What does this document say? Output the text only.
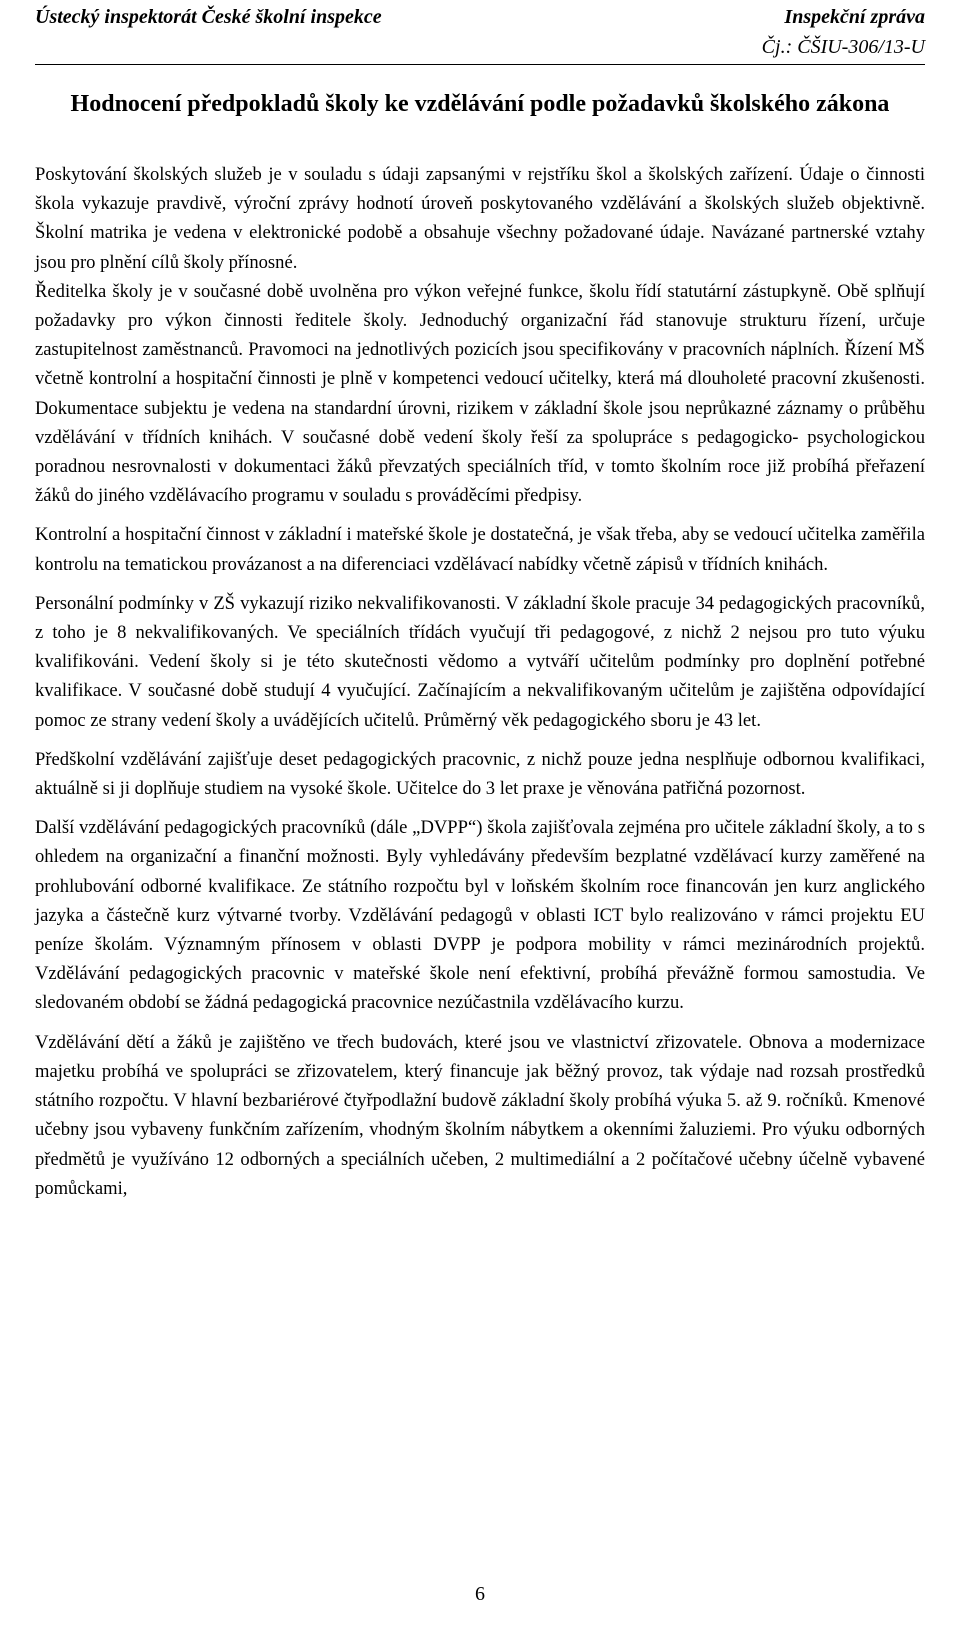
Ústecký inspektorát České školní inspekce	Inspekční zpráva
Čj.: ČŠIU-306/13-U
Hodnocení předpokladů školy ke vzdělávání podle požadavků školského zákona

Poskytování školských služeb je v souladu s údaji zapsanými v rejstříku škol a školských zařízení. Údaje o činnosti škola vykazuje pravdivě, výroční zprávy hodnotí úroveň poskytovaného vzdělávání a školských služeb objektivně. Školní matrika je vedena v elektronické podobě a obsahuje všechny požadované údaje. Navázané partnerské vztahy jsou pro plnění cílů školy přínosné.

Ředitelka školy je v současné době uvolněna pro výkon veřejné funkce, školu řídí statutární zástupkyně. Obě splňují požadavky pro výkon činnosti ředitele školy. Jednoduchý organizační řád stanovuje strukturu řízení, určuje zastupitelnost zaměstnanců. Pravomoci na jednotlivých pozicích jsou specifikovány v pracovních náplních. Řízení MŠ včetně kontrolní a hospitační činnosti je plně v kompetenci vedoucí učitelky, která má dlouholeté pracovní zkušenosti. Dokumentace subjektu je vedena na standardní úrovni, rizikem v základní škole jsou neprůkazné záznamy o průběhu vzdělávání v třídních knihách. V současné době vedení školy řeší za spolupráce s pedagogicko- psychologickou poradnou nesrovnalosti v dokumentaci žáků převzatých speciálních tříd, v tomto školním roce již probíhá přeřazení žáků do jiného vzdělávacího programu v souladu s prováděcími předpisy.

Kontrolní a hospitační činnost v základní i mateřské škole je dostatečná, je však třeba, aby se vedoucí učitelka zaměřila kontrolu na tematickou provázanost a na diferenciaci vzdělávací nabídky včetně zápisů v třídních knihách.

Personální podmínky v ZŠ vykazují riziko nekvalifikovanosti. V základní škole pracuje 34 pedagogických pracovníků, z toho je 8 nekvalifikovaných. Ve speciálních třídách vyučují tři pedagogové, z nichž 2 nejsou pro tuto výuku kvalifikováni. Vedení školy si je této skutečnosti vědomo a vytváří učitelům podmínky pro doplnění potřebné kvalifikace. V současné době studují 4 vyučující. Začínajícím a nekvalifikovaným učitelům je zajištěna odpovídající pomoc ze strany vedení školy a uvádějících učitelů. Průměrný věk pedagogického sboru je 43 let.

Předškolní vzdělávání zajišťuje deset pedagogických pracovnic, z nichž pouze jedna nesplňuje odbornou kvalifikaci, aktuálně si ji doplňuje studiem na vysoké škole. Učitelce do 3 let praxe je věnována patřičná pozornost.

Další vzdělávání pedagogických pracovníků (dále „DVPP“) škola zajišťovala zejména pro učitele základní školy, a to s ohledem na organizační a finanční možnosti. Byly vyhledávány především bezplatné vzdělávací kurzy zaměřené na prohlubování odborné kvalifikace. Ze státního rozpočtu byl v loňském školním roce financován jen kurz anglického jazyka a částečně kurz výtvarné tvorby. Vzdělávání pedagogů v oblasti ICT bylo realizováno v rámci projektu EU peníze školám. Významným přínosem v oblasti DVPP je podpora mobility v rámci mezinárodních projektů. Vzdělávání pedagogických pracovnic v mateřské škole není efektivní, probíhá převážně formou samostudia. Ve sledovaném období se žádná pedagogická pracovnice nezúčastnila vzdělávacího kurzu.

Vzdělávání dětí a žáků je zajištěno ve třech budovách, které jsou ve vlastnictví zřizovatele. Obnova a modernizace majetku probíhá ve spolupráci se zřizovatelem, který financuje jak běžný provoz, tak výdaje nad rozsah prostředků státního rozpočtu. V hlavní bezbariérové čtyřpodlažní budově základní školy probíhá výuka 5. až 9. ročníků. Kmenové učebny jsou vybaveny funkčním zařízením, vhodným školním nábytkem a okenními žaluziemi. Pro výuku odborných předmětů je využíváno 12 odborných a speciálních učeben, 2 multimediální a 2 počítačové učebny účelně vybavené pomůckami,

6
